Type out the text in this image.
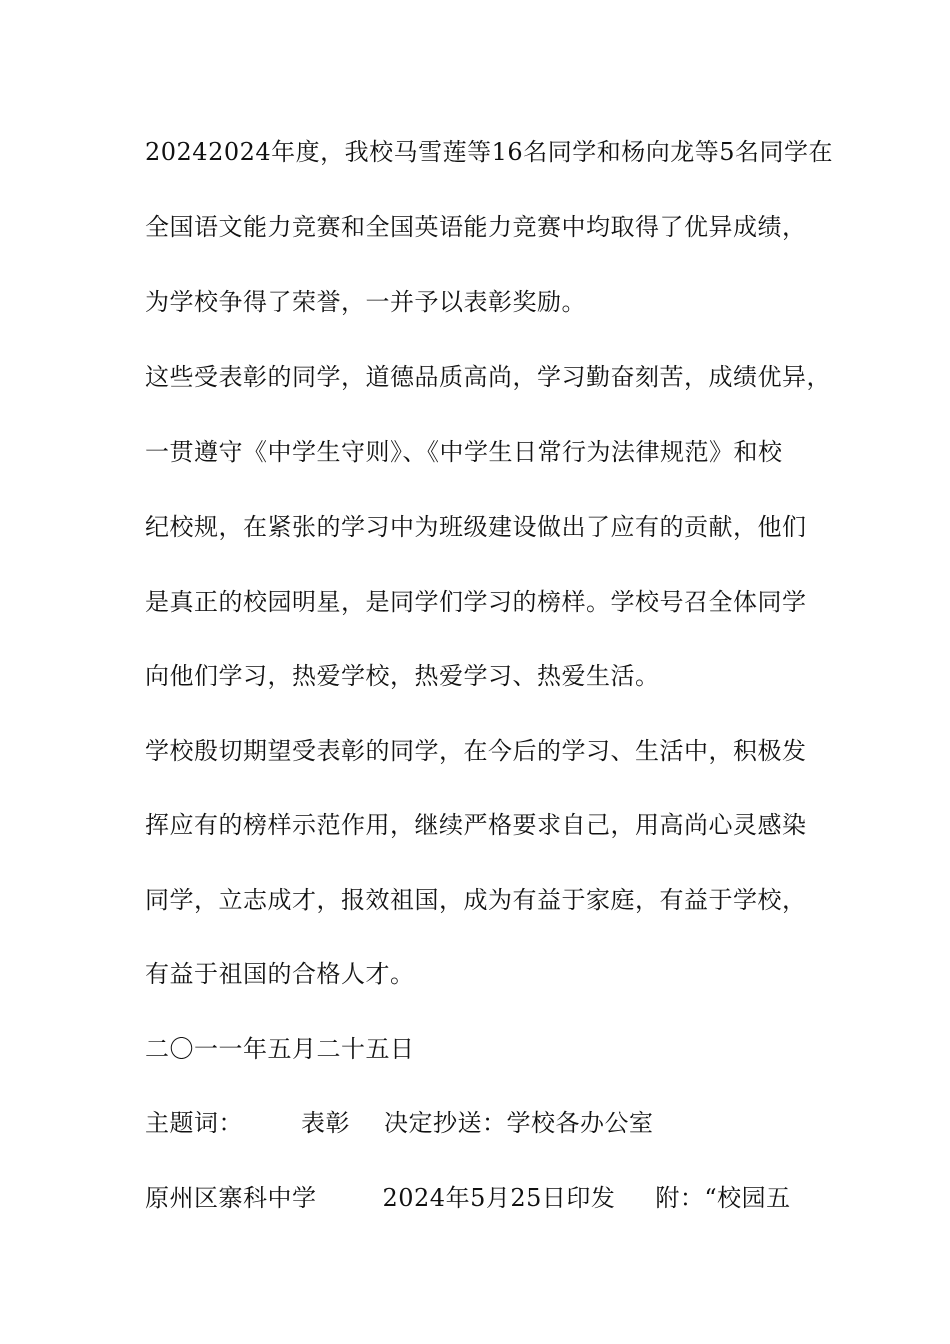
20242024年度，我校马雪莲等16名同学和杨向龙等5名同学在
全国语文能力竞赛和全国英语能力竞赛中均取得了优异成绩，
为学校争得了荣誉，一并予以表彰奖励。
这些受表彰的同学，道德品质高尚，学习勤奋刻苦，成绩优异，
一贯遵守《中学生守则》、《中学生日常行为法律规范》和校
纪校规，在紧张的学习中为班级建设做出了应有的贡献，他们
是真正的校园明星，是同学们学习的榜样。学校号召全体同学
向他们学习，热爱学校，热爱学习、热爱生活。
学校殷切期望受表彰的同学，在今后的学习、生活中，积极发
挥应有的榜样示范作用，继续严格要求自己，用高尚心灵感染
同学，立志成才，报效祖国，成为有益于家庭，有益于学校，
有益于祖国的合格人才。
二〇一一年五月二十五日
主题词： 表彰 决定抄送：学校各办公室
原州区寨科中学	2024年5月25日印发 附：“校园五
